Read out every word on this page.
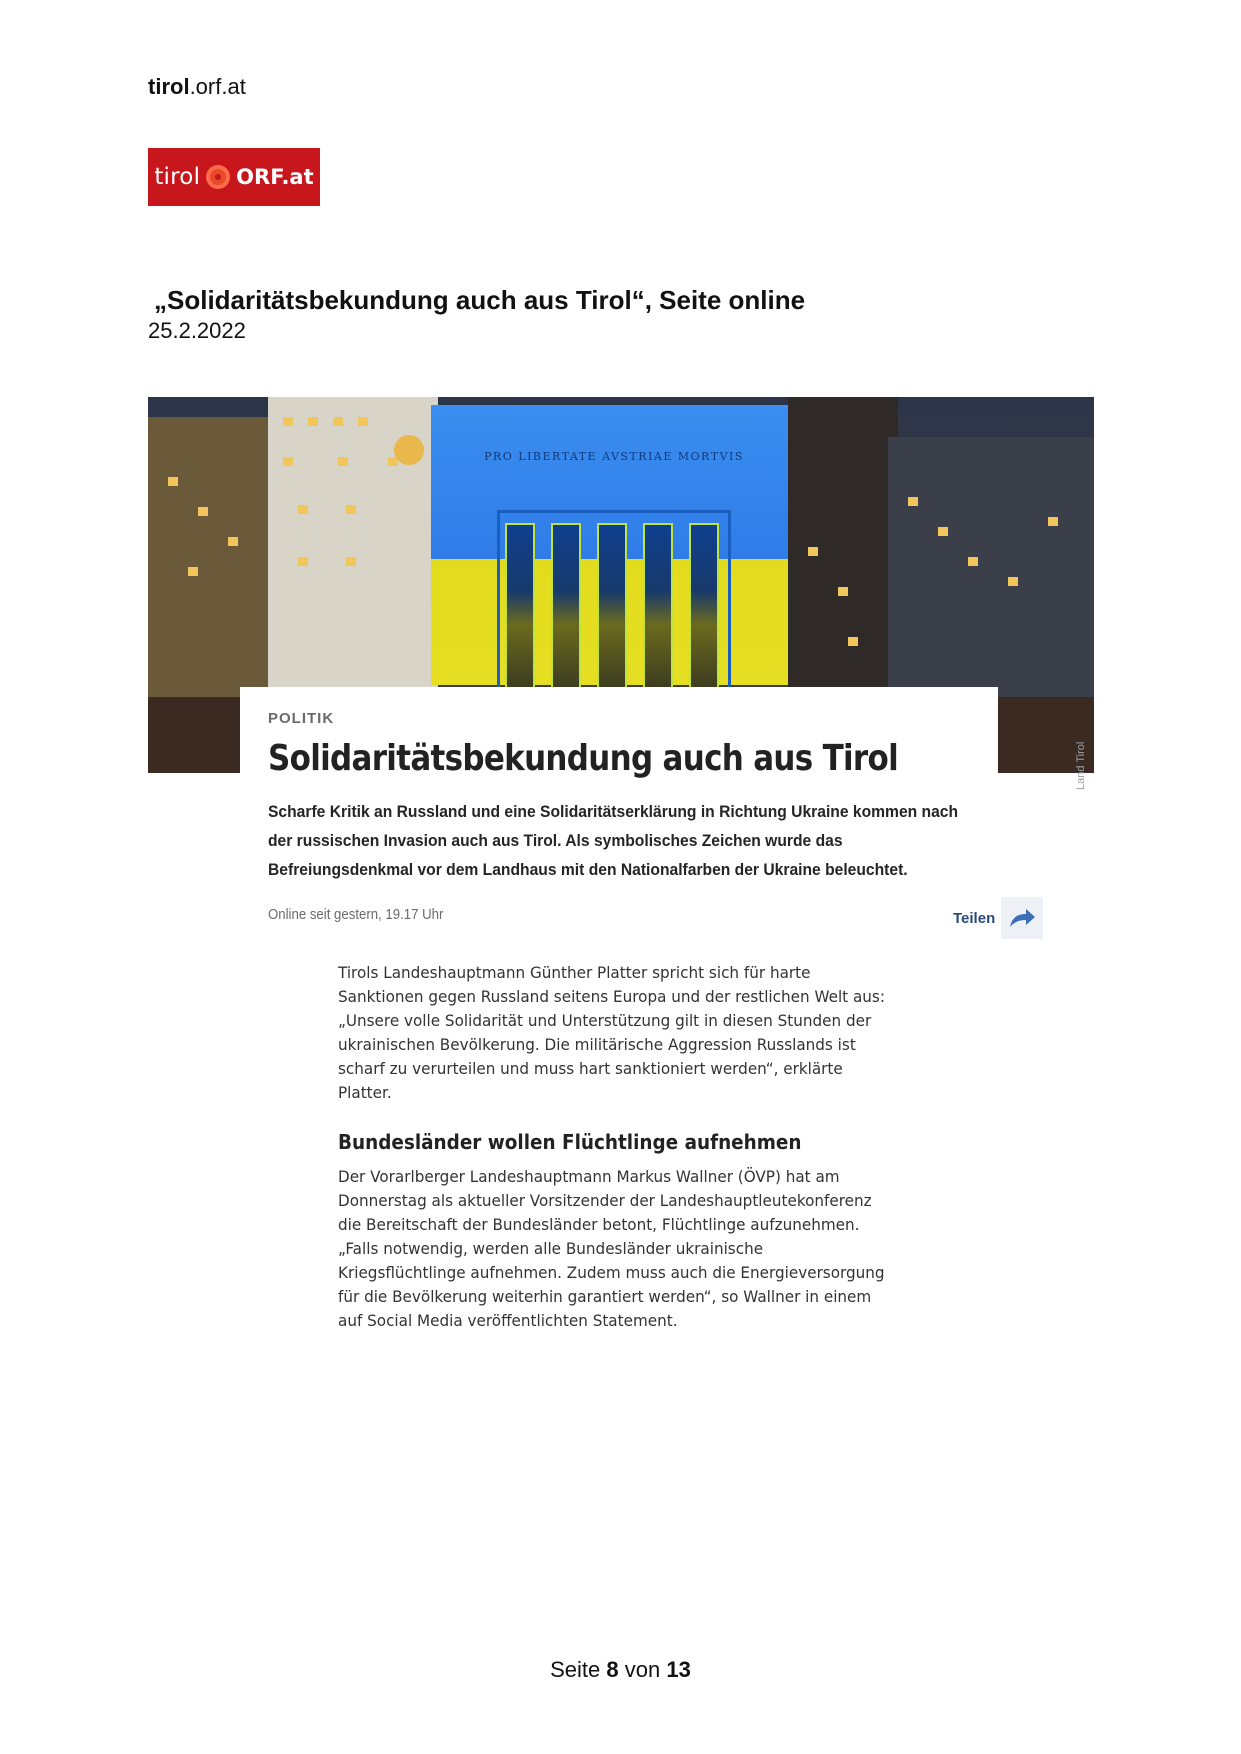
tirol.orf.at
tirol ORF.at
„Solidaritätsbekundung auch aus Tirol“, Seite online
25.2.2022
PRO LIBERTATE AVSTRIAE MORTVIS
Land Tirol
POLITIK
Solidaritätsbekundung auch aus Tirol
Scharfe Kritik an Russland und eine Solidaritätserklärung in Richtung Ukraine kommen nach der russischen Invasion auch aus Tirol. Als symbolisches Zeichen wurde das Befreiungsdenkmal vor dem Landhaus mit den Nationalfarben der Ukraine beleuchtet.
Online seit gestern, 19.17 Uhr	Teilen
Tirols Landeshauptmann Günther Platter spricht sich für harte Sanktionen gegen Russland seitens Europa und der restlichen Welt aus: „Unsere volle Solidarität und Unterstützung gilt in diesen Stunden der ukrainischen Bevölkerung. Die militärische Aggression Russlands ist scharf zu verurteilen und muss hart sanktioniert werden“, erklärte Platter.
Bundesländer wollen Flüchtlinge aufnehmen
Der Vorarlberger Landeshauptmann Markus Wallner (ÖVP) hat am Donnerstag als aktueller Vorsitzender der Landeshauptleutekonferenz die Bereitschaft der Bundesländer betont, Flüchtlinge aufzunehmen. „Falls notwendig, werden alle Bundesländer ukrainische Kriegsflüchtlinge aufnehmen. Zudem muss auch die Energieversorgung für die Bevölkerung weiterhin garantiert werden“, so Wallner in einem auf Social Media veröffentlichten Statement.
Seite 8 von 13
